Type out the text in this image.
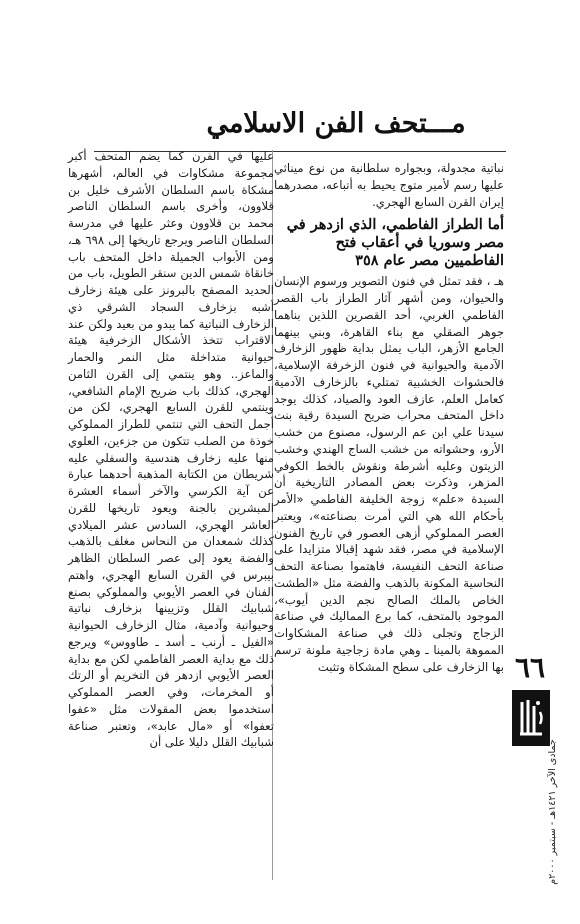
مـــتحف الفن الاسلامي

نباتية مجدولة، وبجواره سلطانية من نوع ميناثي عليها رسم لأمير متوج يحيط به أتباعه، مصدرهما إيران القرن السابع الهجري.

أما الطراز الفاطمي، الذي ازدهر في مصر وسوريا في أعقاب فتح الفاطميين مصر عام ٣٥٨

هـ ، فقد تمثل في فنون التصوير ورسوم الإنسان والحيوان، ومن أشهر آثار الطراز باب القصر الفاطمي الغربي، أحد القصرين اللذين بناهما جوهر الصقلي مع بناء القاهرة، وبني بينهما الجامع الأزهر، الباب يمثل بداية ظهور الزخارف الآدمية والحيوانية في فنون الزخرفة الإسلامية، فالحشوات الخشبية تمتليء بالزخارف الآدمية كعامل العلم، عازف العود والصياد، كذلك يوجد داخل المتحف محراب ضريح السيدة رقية بنت سيدنا علي ابن عم الرسول، مصنوع من خشب الأرو، وحشواته من خشب الساج الهندي وخشب الزيتون وعليه أشرطة ونقوش بالخط الكوفي المزهر، وذكرت بعض المصادر التاريخية أن السيدة «علم» زوجة الخليفة الفاطمي «الأمر بأحكام الله هي التي أمرت بصناعته»، ويعتبر العصر المملوكي أزهى العصور في تاريخ الفنون الإسلامية في مصر، فقد شهد إقبالا متزايدا على صناعة التحف النفيسة، فاهتموا بصناعة التحف النحاسية المكونة بالذهب والفضة مثل «الطشت الخاص بالملك الصالح نجم الدين أيوب»، الموجود بالمتحف، كما برع المماليك في صناعة الزجاج وتجلى ذلك في صناعة المشكاوات المموهة بالمينا ـ وهي مادة زجاجية ملونة ترسم بها الزخارف على سطح المشكاة وتثبت

عليها في الفرن كما يضم المتحف أكبر مجموعة مشكاوات في العالم، أشهرها مشكاة باسم السلطان الأشرف خليل بن قلاوون، وأخرى باسم السلطان الناصر محمد بن قلاوون وعثر عليها في مدرسة السلطان الناصر ويرجع تاريخها إلى ٦٩٨ هـ، ومن الأبواب الجميلة داخل المتحف باب خانقاة شمس الدين سنقر الطويل، باب من الحديد المصفح بالبرونز على هيئة زخارف أشبه بزخارف السجاد الشرقي ذي الزخارف النباتية كما يبدو من بعيد ولكن عند الاقتراب تتخذ الأشكال الزخرفية هيئة حيوانية متداخلة مثل النمر والحمار والماعز.. وهو ينتمي إلى القرن الثامن الهجري، كذلك باب ضريح الإمام الشافعي، وينتمي للقرن السابع الهجري، لكن من أجمل التحف التي تنتمي للطراز المملوكي خوذة من الصلب تتكون من جزءين، العلوي منها عليه زخارف هندسية والسفلي عليه شريطان من الكتابة المذهبة أحدهما عبارة عن آية الكرسي والآخر أسماء العشرة المبشرين بالجنة ويعود تاريخها للقرن العاشر الهجري، السادس عشر الميلادي كذلك شمعدان من النحاس مغلف بالذهب والفضة يعود إلى عصر السلطان الظاهر بيبرس في القرن السابع الهجري، واهتم الفنان في العصر الأيوبي والمملوكي بصنع شبابيك القلل وتزيينها بزخارف نباتية وحيوانية وآدمية، مثال الزخارف الحيوانية «الفيل ـ أرنب ـ أسد ـ طاووس» ويرجع ذلك مع بداية العصر الفاطمي لكن مع بداية العصر الأيوبي ازدهر فن التخريم أو الرتك أو المخرمات، وفي العصر المملوكي استخدموا بعض المقولات مثل «عفوا تعفوا» أو «مال عابد»، وتعتبر صناعة شبابيك القلل دليلا على أن

٦٦
جمادى الآخر ١٤٢١هـ - سبتمبر ٢٠٠٠م
